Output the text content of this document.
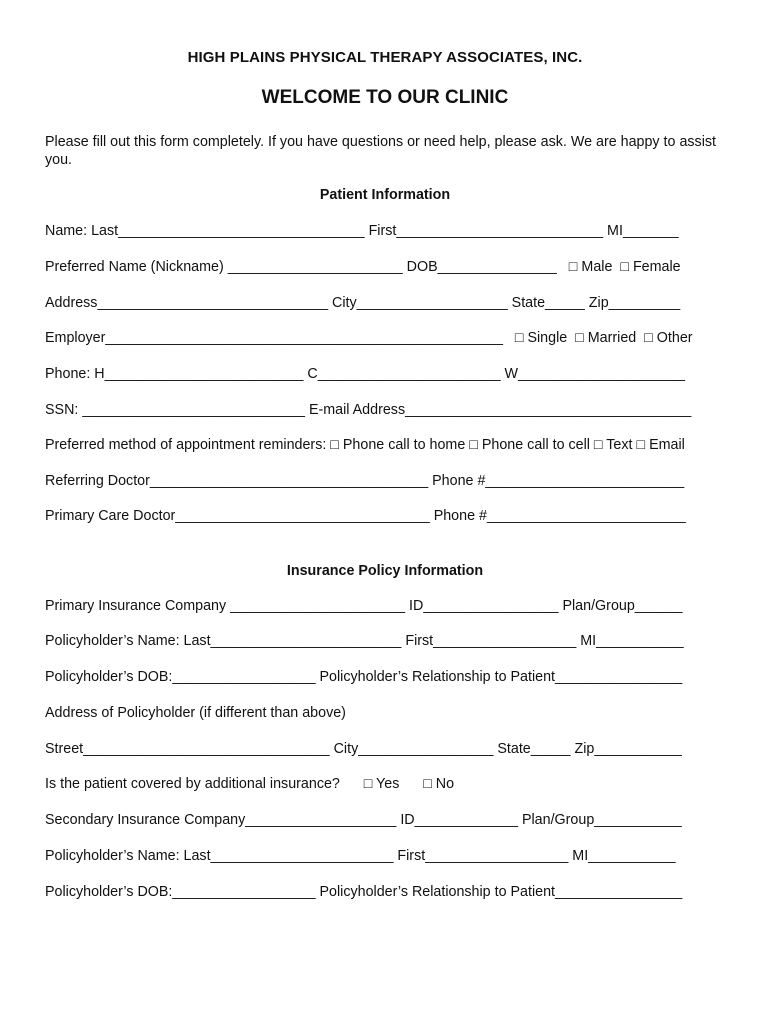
HIGH PLAINS PHYSICAL THERAPY ASSOCIATES, INC.
WELCOME TO OUR CLINIC
Please fill out this form completely. If you have questions or need help, please ask. We are happy to assist you.
Patient Information
Name: Last_______________________________ First__________________________ MI_______
Preferred Name (Nickname) ______________________ DOB_______________   □ Male  □ Female
Address_____________________________ City___________________ State_____ Zip_________
Employer__________________________________________________   □ Single  □ Married  □ Other
Phone: H_________________________ C_______________________ W_____________________
SSN: ____________________________ E-mail Address____________________________________
Preferred method of appointment reminders: □ Phone call to home □ Phone call to cell □ Text □ Email
Referring Doctor___________________________________ Phone #_________________________
Primary Care Doctor________________________________ Phone #_________________________
Insurance Policy Information
Primary Insurance Company ______________________ ID_________________ Plan/Group______
Policyholder’s Name: Last________________________ First__________________ MI___________
Policyholder’s DOB:__________________ Policyholder’s Relationship to Patient________________
Address of Policyholder (if different than above)
Street_______________________________ City_________________ State_____ Zip___________
Is the patient covered by additional insurance?      □ Yes      □ No
Secondary Insurance Company___________________ ID_____________ Plan/Group___________
Policyholder’s Name: Last_______________________ First__________________ MI___________
Policyholder’s DOB:__________________ Policyholder’s Relationship to Patient________________
